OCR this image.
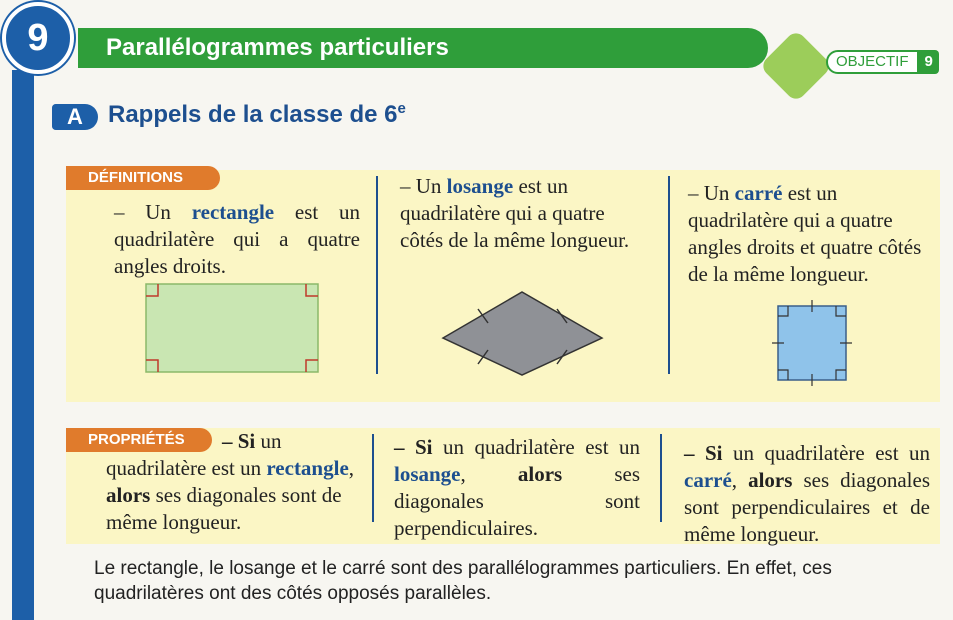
9 Parallélogrammes particuliers
OBJECTIF	9
A	Rappels de la classe de 6e
DÉFINITIONS
– Un rectangle est un quadrilatère qui a quatre angles droits.
– Un losange est un quadrilatère qui a quatre côtés de la même longueur.
– Un carré est un quadrilatère qui a quatre angles droits et quatre côtés de la même longueur.
PROPRIÉTÉS	– Si un quadrilatère est un rectangle, alors ses diagonales sont de même longueur.
– Si un quadrilatère est un losange, alors ses diagonales sont perpendiculaires.
– Si un quadrilatère est un carré, alors ses diagonales sont perpendiculaires et de même longueur.
Le rectangle, le losange et le carré sont des parallélogrammes particuliers. En effet, ces quadrilatères ont des côtés opposés parallèles.
